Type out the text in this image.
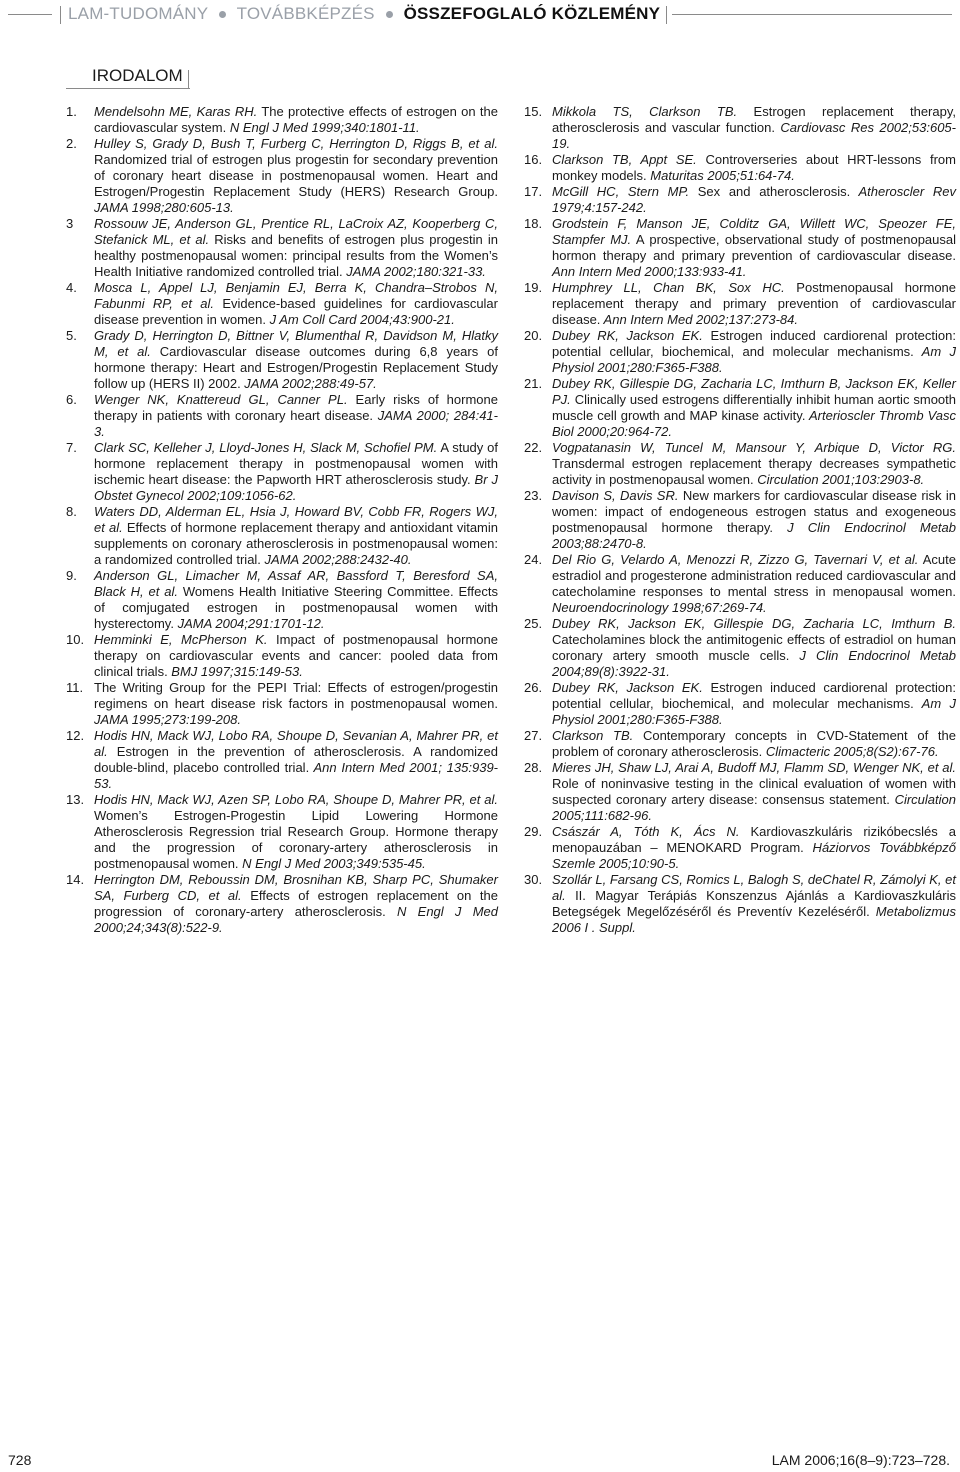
LAM-TUDOMÁNY TOVÁBBKÉPZÉS ÖSSZEFOGLALÓ KÖZLEMÉNY
IRODALOM

1. Mendelsohn ME, Karas RH. The protective effects of estrogen on the cardiovascular system. N Engl J Med 1999;340:1801-11.

2. Hulley S, Grady D, Bush T, Furberg C, Herrington D, Riggs B, et al. Randomized trial of estrogen plus progestin for secondary prevention of coronary heart disease in postmenopausal women. Heart and Estrogen/Progestin Replacement Study (HERS) Research Group. JAMA 1998;280:605-13.

3 Rossouw JE, Anderson GL, Prentice RL, LaCroix AZ, Kooperberg C, Stefanick ML, et al. Risks and benefits of estrogen plus progestin in healthy postmenopausal women: principal results from the Women’s Health Initiative randomized controlled trial. JAMA 2002;180:321-33.

4. Mosca L, Appel LJ, Benjamin EJ, Berra K, Chandra–Strobos N, Fabunmi RP, et al. Evidence-based guidelines for cardiovascular disease prevention in women. J Am Coll Card 2004;43:900-21.

5. Grady D, Herrington D, Bittner V, Blumenthal R, Davidson M, Hlatky M, et al. Cardiovascular disease outcomes during 6,8 years of hormone therapy: Heart and Estrogen/Progestin Replacement Study follow up (HERS II) 2002. JAMA 2002;288:49-57.

6. Wenger NK, Knattereud GL, Canner PL. Early risks of hormone therapy in patients with coronary heart disease. JAMA 2000; 284:41-3.

7. Clark SC, Kelleher J, Lloyd-Jones H, Slack M, Schofiel PM. A study of hormone replacement therapy in postmenopausal women with ischemic heart disease: the Papworth HRT atherosclerosis study. Br J Obstet Gynecol 2002;109:1056-62.

8. Waters DD, Alderman EL, Hsia J, Howard BV, Cobb FR, Rogers WJ, et al. Effects of hormone replacement therapy and antioxidant vitamin supplements on coronary atherosclerosis in postmenopausal women: a randomized controlled trial. JAMA 2002;288:2432-40.

9. Anderson GL, Limacher M, Assaf AR, Bassford T, Beresford SA, Black H, et al. Womens Health Initiative Steering Committee. Effects of comjugated estrogen in postmenopausal women with hysterectomy. JAMA 2004;291:1701-12.

10. Hemminki E, McPherson K. Impact of postmenopausal hormone therapy on cardiovascular events and cancer: pooled data from clinical trials. BMJ 1997;315:149-53.

11. The Writing Group for the PEPI Trial: Effects of estrogen/progestin regimens on heart disease risk factors in postmenopausal women. JAMA 1995;273:199-208.

12. Hodis HN, Mack WJ, Lobo RA, Shoupe D, Sevanian A, Mahrer PR, et al. Estrogen in the prevention of atherosclerosis. A randomized double-blind, placebo controlled trial. Ann Intern Med 2001; 135:939-53.

13. Hodis HN, Mack WJ, Azen SP, Lobo RA, Shoupe D, Mahrer PR, et al. Women’s Estrogen-Progestin Lipid Lowering Hormone Atherosclerosis Regression trial Research Group. Hormone therapy and the progression of coronary-artery atherosclerosis in postmenopausal women. N Engl J Med 2003;349:535-45.

14. Herrington DM, Reboussin DM, Brosnihan KB, Sharp PC, Shumaker SA, Furberg CD, et al. Effects of estrogen replacement on the progression of coronary-artery atherosclerosis. N Engl J Med 2000;24;343(8):522-9.

15. Mikkola TS, Clarkson TB. Estrogen replacement therapy, atherosclerosis and vascular function. Cardiovasc Res 2002;53:605-19.

16. Clarkson TB, Appt SE. Controverseries about HRT-lessons from monkey models. Maturitas 2005;51:64-74.

17. McGill HC, Stern MP. Sex and atherosclerosis. Atheroscler Rev 1979;4:157-242.

18. Grodstein F, Manson JE, Colditz GA, Willett WC, Speozer FE, Stampfer MJ. A prospective, observational study of postmenopausal hormon therapy and primary prevention of cardiovascular disease. Ann Intern Med 2000;133:933-41.

19. Humphrey LL, Chan BK, Sox HC. Postmenopausal hormone replacement therapy and primary prevention of cardiovascular disease. Ann Intern Med 2002;137:273-84.

20. Dubey RK, Jackson EK. Estrogen induced cardiorenal protection: potential cellular, biochemical, and molecular mechanisms. Am J Physiol 2001;280:F365-F388.

21. Dubey RK, Gillespie DG, Zacharia LC, Imthurn B, Jackson EK, Keller PJ. Clinically used estrogens differentially inhibit human aortic smooth muscle cell growth and MAP kinase activity. Arterioscler Thromb Vasc Biol 2000;20:964-72.

22. Vogpatanasin W, Tuncel M, Mansour Y, Arbique D, Victor RG. Transdermal estrogen replacement therapy decreases sympathetic activity in postmenopausal women. Circulation 2001;103:2903-8.

23. Davison S, Davis SR. New markers for cardiovascular disease risk in women: impact of endogeneous estrogen status and exogeneous postmenopausal hormone therapy. J Clin Endocrinol Metab 2003;88:2470-8.

24. Del Rio G, Velardo A, Menozzi R, Zizzo G, Tavernari V, et al. Acute estradiol and progesterone administration reduced cardiovascular and catecholamine responses to mental stress in menopausal women. Neuroendocrinology 1998;67:269-74.

25. Dubey RK, Jackson EK, Gillespie DG, Zacharia LC, Imthurn B. Catecholamines block the antimitogenic effects of estradiol on human coronary artery smooth muscle cells. J Clin Endocrinol Metab 2004;89(8):3922-31.

26. Dubey RK, Jackson EK. Estrogen induced cardiorenal protection: potential cellular, biochemical, and molecular mechanisms. Am J Physiol 2001;280:F365-F388.

27. Clarkson TB. Contemporary concepts in CVD-Statement of the problem of coronary atherosclerosis. Climacteric 2005;8(S2):67-76.

28. Mieres JH, Shaw LJ, Arai A, Budoff MJ, Flamm SD, Wenger NK, et al. Role of noninvasive testing in the clinical evaluation of women with suspected coronary artery disease: consensus statement. Circulation 2005;111:682-96.

29. Császár A, Tóth K, Ács N. Kardiovaszkuláris rizikóbecslés a menopauzában – MENOKARD Program. Háziorvos Továbbképző Szemle 2005;10:90-5.

30. Szollár L, Farsang CS, Romics L, Balogh S, deChatel R, Zámolyi K, et al. II. Magyar Terápiás Konszenzus Ajánlás a Kardiovaszkuláris Betegségek Megelőzéséről és Preventív Kezeléséről. Metabolizmus 2006 I . Suppl.

728	LAM 2006;16(8–9):723–728.
